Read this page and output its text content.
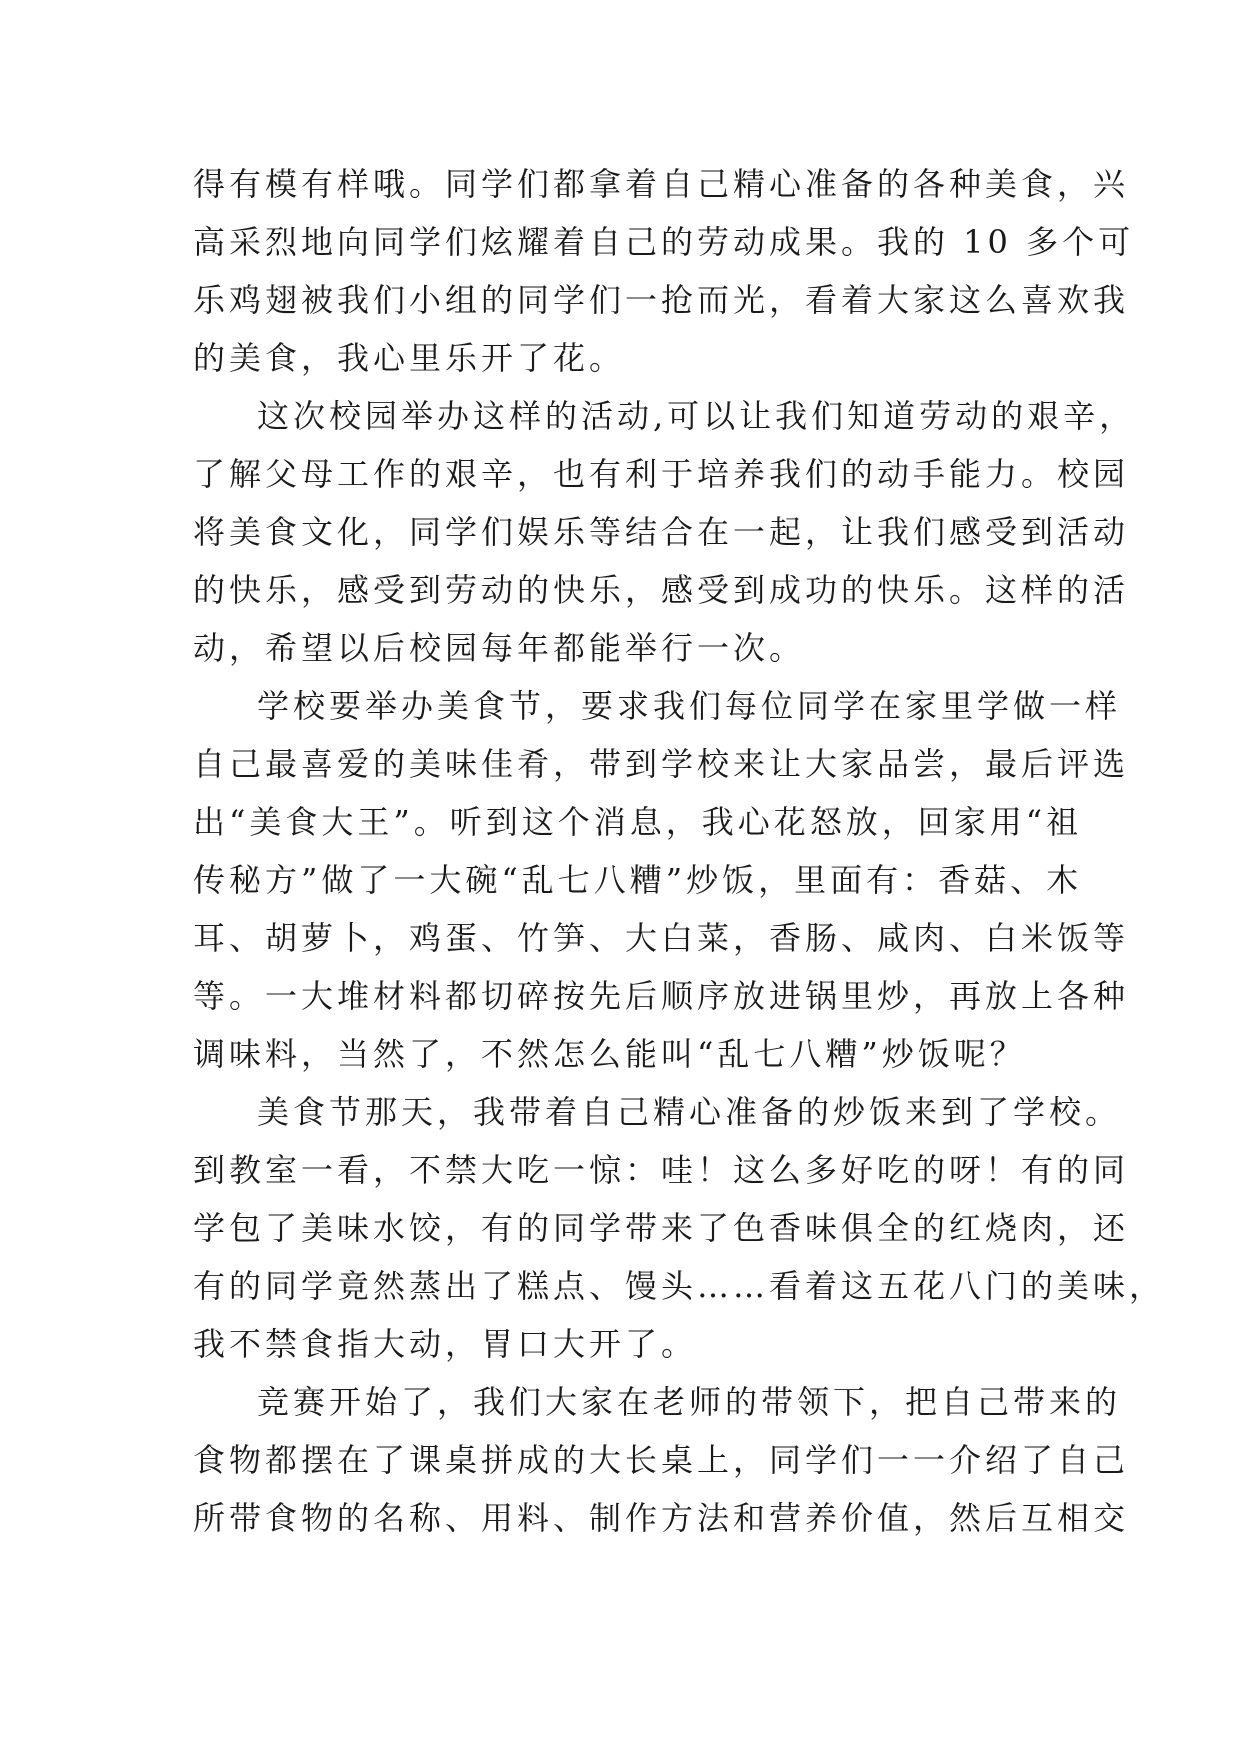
得有模有样哦。同学们都拿着自己精心准备的各种美食，兴
高采烈地向同学们炫耀着自己的劳动成果。我的 10 多个可
乐鸡翅被我们小组的同学们一抢而光，看着大家这么喜欢我
的美食，我心里乐开了花。
这次校园举办这样的活动,可以让我们知道劳动的艰辛，
了解父母工作的艰辛，也有利于培养我们的动手能力。校园
将美食文化，同学们娱乐等结合在一起，让我们感受到活动
的快乐，感受到劳动的快乐，感受到成功的快乐。这样的活
动，希望以后校园每年都能举行一次。
学校要举办美食节，要求我们每位同学在家里学做一样
自己最喜爱的美味佳肴，带到学校来让大家品尝，最后评选
出“美食大王”。听到这个消息，我心花怒放，回家用“祖
传秘方”做了一大碗“乱七八糟”炒饭，里面有：香菇、木
耳、胡萝卜，鸡蛋、竹笋、大白菜，香肠、咸肉、白米饭等
等。一大堆材料都切碎按先后顺序放进锅里炒，再放上各种
调味料，当然了，不然怎么能叫“乱七八糟”炒饭呢？
美食节那天，我带着自己精心准备的炒饭来到了学校。
到教室一看，不禁大吃一惊：哇！这么多好吃的呀！有的同
学包了美味水饺，有的同学带来了色香味俱全的红烧肉，还
有的同学竟然蒸出了糕点、馒头……看着这五花八门的美味，
我不禁食指大动，胃口大开了。
竞赛开始了，我们大家在老师的带领下，把自己带来的
食物都摆在了课桌拼成的大长桌上，同学们一一介绍了自己
所带食物的名称、用料、制作方法和营养价值，然后互相交
